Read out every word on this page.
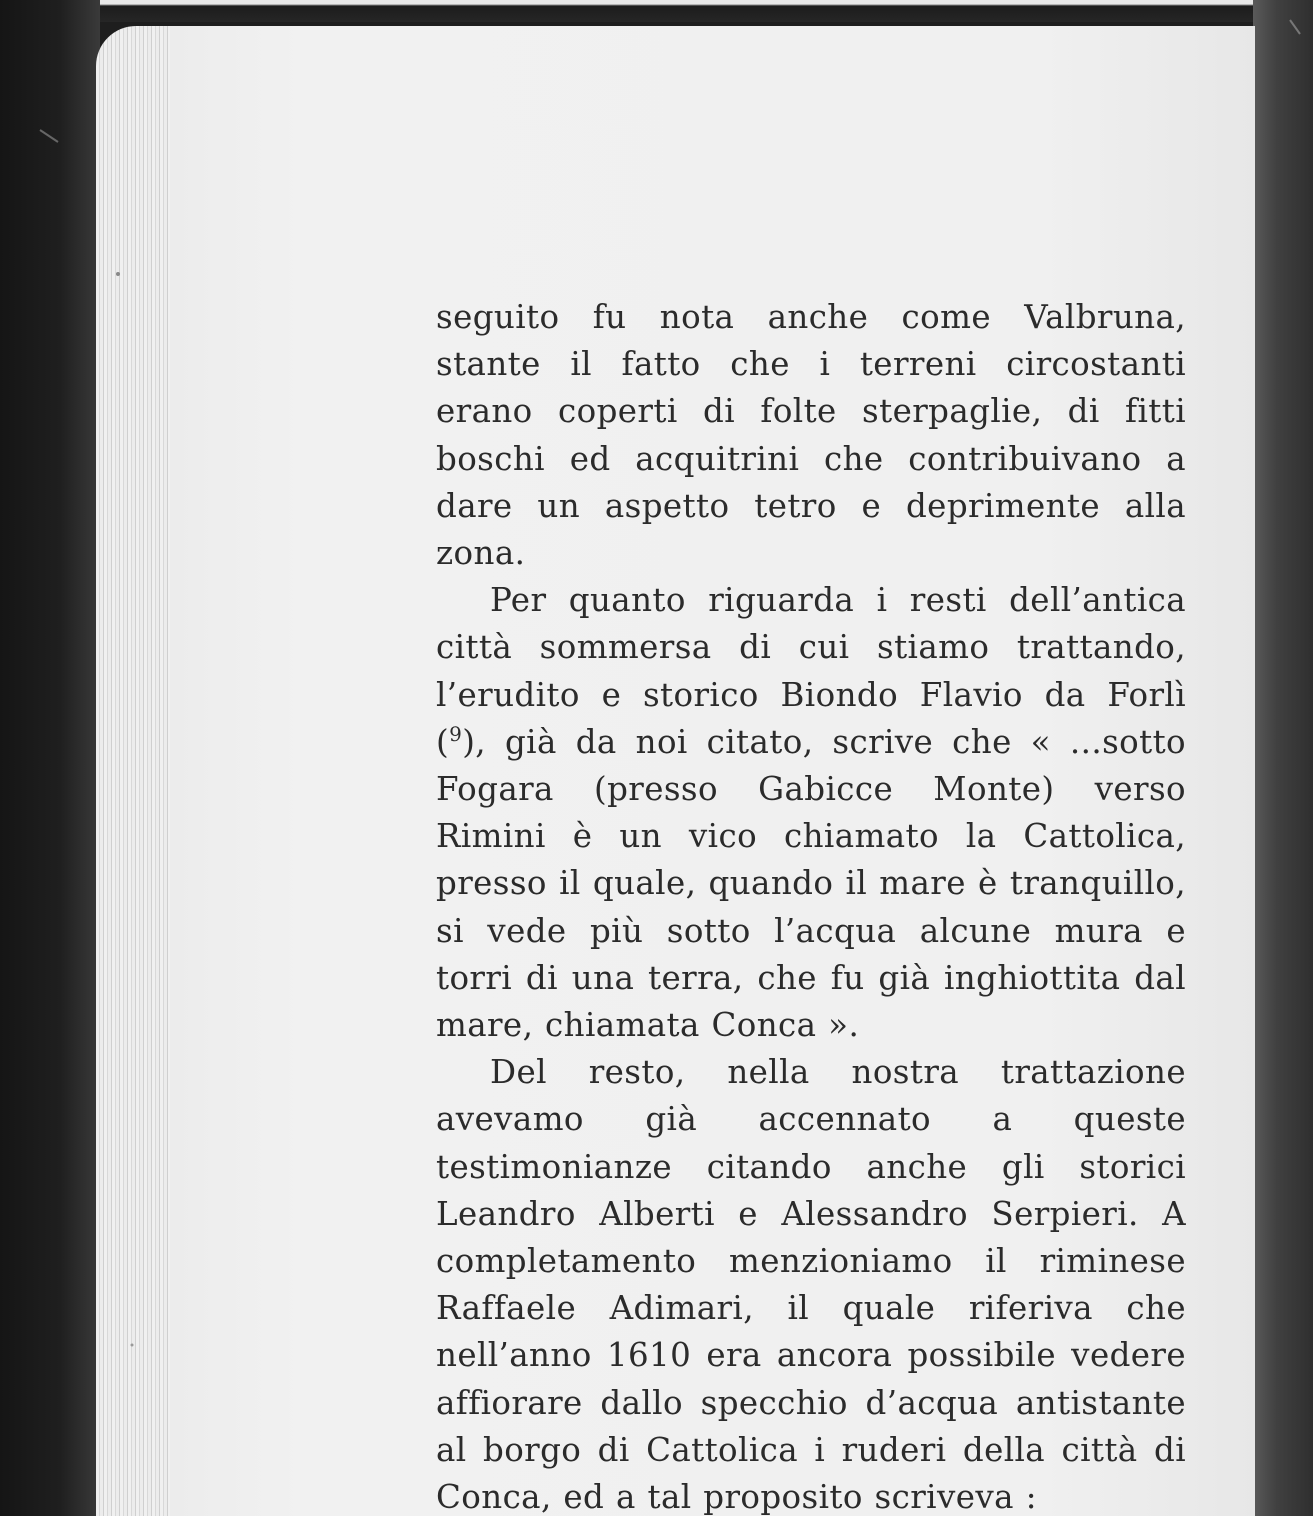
seguito fu nota anche come Valbruna, stante il fatto che i terreni circostanti erano coperti di folte sterpaglie, di fitti boschi ed acquitrini che contribuivano a dare un aspetto tetro e deprimente alla zona.

Per quanto riguarda i resti dell’antica città sommersa di cui stiamo trattando, l’erudito e storico Biondo Flavio da Forlì ($^9$), già da noi citato, scrive che « ...sotto Fogara (presso Gabicce Monte) verso Rimini è un vico chiamato la Cattolica, presso il quale, quando il mare è tranquillo, si vede più sotto l’acqua alcune mura e torri di una terra, che fu già inghiottita dal mare, chiamata Conca ».

Del resto, nella nostra trattazione avevamo già accennato a queste testimonianze citando anche gli storici Leandro Alberti e Alessandro Serpieri. A completamento menzioniamo il riminese Raffaele Adimari, il quale riferiva che nell’anno 1610 era ancora possibile vedere affiorare dallo specchio d’acqua antistante al borgo di Cattolica i ruderi della città di Conca, ed a tal proposito scriveva :
